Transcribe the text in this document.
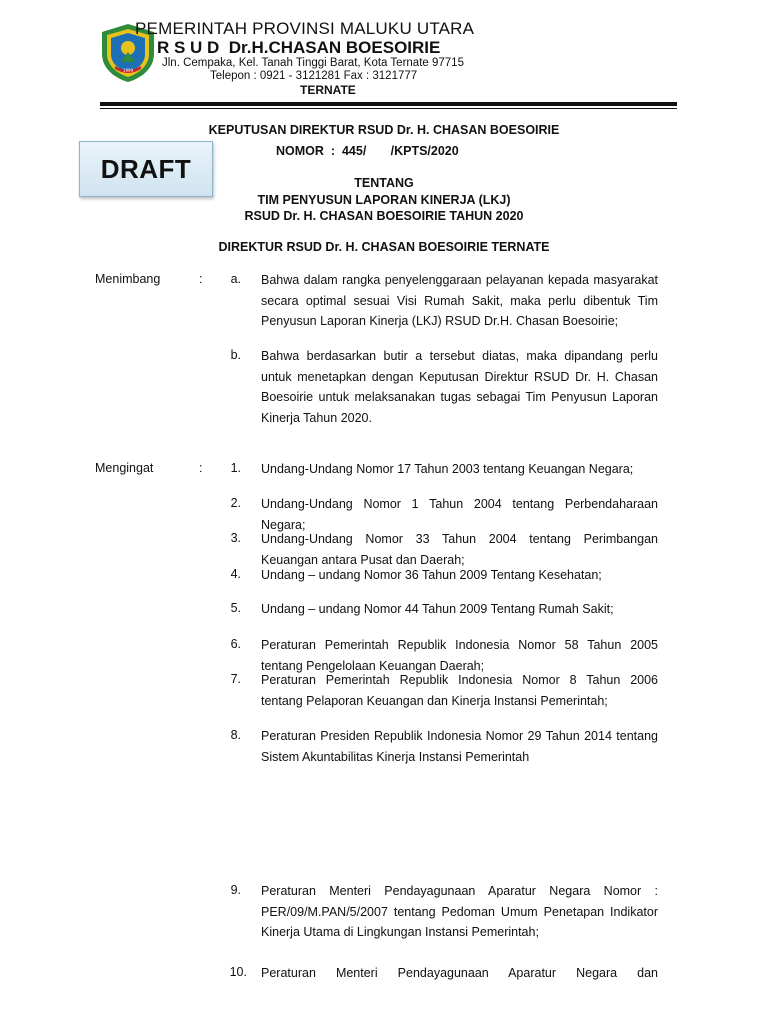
1999
PEMERINTAH PROVINSI MALUKU UTARA
R S U D  Dr.H.CHASAN BOESOIRIE
Jln. Cempaka, Kel. Tanah Tinggi Barat, Kota Ternate 97715
Telepon : 0921 - 3121281 Fax : 3121777
TERNATE
DRAFT
KEPUTUSAN DIREKTUR RSUD Dr. H. CHASAN BOESOIRIE
NOMOR  :  445/       /KPTS/2020
TENTANG
TIM PENYUSUN LAPORAN KINERJA (LKJ)
RSUD Dr. H. CHASAN BOESOIRIE TAHUN 2020
DIREKTUR RSUD Dr. H. CHASAN BOESOIRIE TERNATE
Menimbang	:	a. Bahwa dalam rangka penyelenggaraan pelayanan kepada masyarakat secara optimal sesuai Visi Rumah Sakit, maka perlu dibentuk Tim Penyusun Laporan Kinerja (LKJ) RSUD Dr.H. Chasan Boesoirie;
b. Bahwa berdasarkan butir a tersebut diatas, maka dipandang perlu untuk menetapkan dengan Keputusan Direktur RSUD Dr. H. Chasan Boesoirie untuk melaksanakan tugas sebagai Tim Penyusun Laporan Kinerja Tahun 2020.
Mengingat	:	1. Undang-Undang Nomor 17 Tahun 2003 tentang Keuangan Negara;
2. Undang-Undang Nomor 1 Tahun 2004 tentang Perbendaharaan Negara;
3. Undang-Undang Nomor 33 Tahun 2004 tentang Perimbangan Keuangan antara Pusat dan Daerah;
4. Undang – undang Nomor 36 Tahun 2009 Tentang Kesehatan;
5. Undang – undang Nomor 44 Tahun 2009 Tentang Rumah Sakit;
6. Peraturan Pemerintah Republik Indonesia Nomor 58 Tahun 2005 tentang Pengelolaan Keuangan Daerah;
7. Peraturan Pemerintah Republik Indonesia Nomor 8 Tahun 2006 tentang Pelaporan Keuangan dan Kinerja Instansi Pemerintah;
8. Peraturan Presiden Republik Indonesia Nomor 29 Tahun 2014 tentang Sistem Akuntabilitas Kinerja Instansi Pemerintah
9. Peraturan Menteri Pendayagunaan Aparatur Negara Nomor : PER/09/M.PAN/5/2007 tentang Pedoman Umum Penetapan Indikator Kinerja Utama di Lingkungan Instansi Pemerintah;
10. Peraturan Menteri Pendayagunaan Aparatur Negara dan
